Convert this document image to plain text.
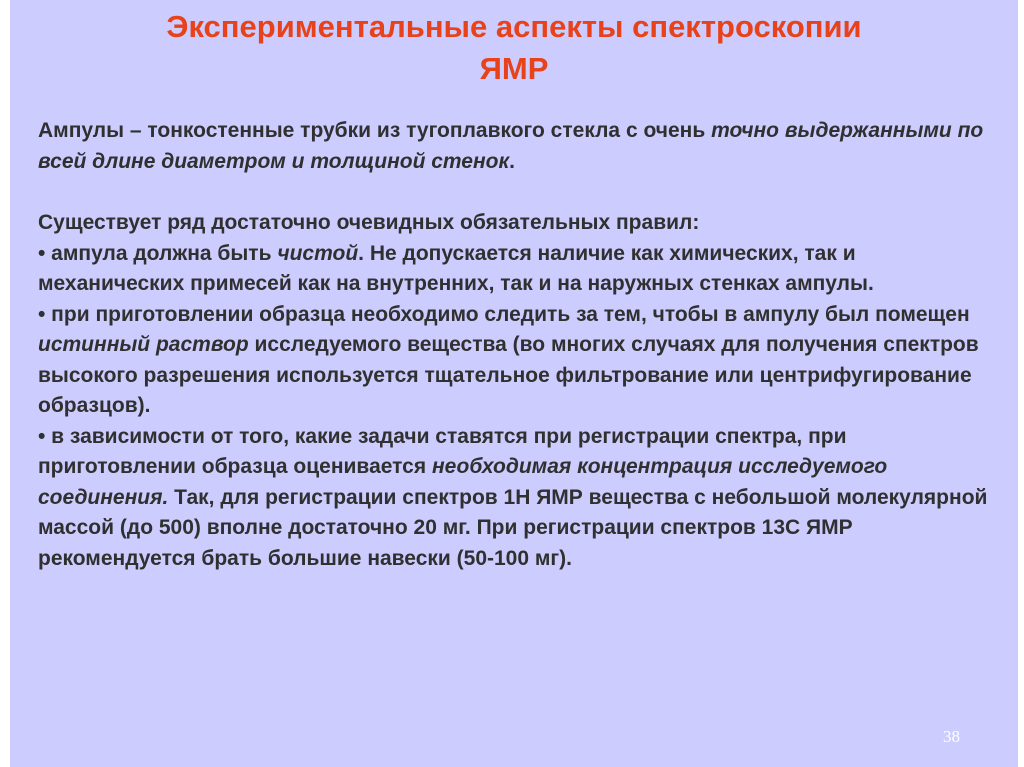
Экспериментальные аспекты спектроскопии
ЯМР

Ампулы – тонкостенные трубки из тугоплавкого стекла с очень точно выдержанными по всей длине диаметром и толщиной стенок.

Существует ряд достаточно очевидных обязательных правил:

• ампула должна быть чистой. Не допускается наличие как химических, так и механических примесей как на внутренних, так и на наружных стенках ампулы.

• при приготовлении образца необходимо следить за тем, чтобы в ампулу был помещен истинный раствор исследуемого вещества (во многих случаях для получения спектров высокого разрешения используется тщательное фильтрование или центрифугирование образцов).

• в зависимости от того, какие задачи ставятся при регистрации спектра, при приготовлении образца оценивается необходимая концентрация исследуемого соединения. Так, для регистрации спектров 1Н ЯМР вещества с небольшой молекулярной массой (до 500) вполне достаточно 20 мг. При регистрации спектров 13С ЯМР рекомендуется брать большие навески (50-100 мг).

38
